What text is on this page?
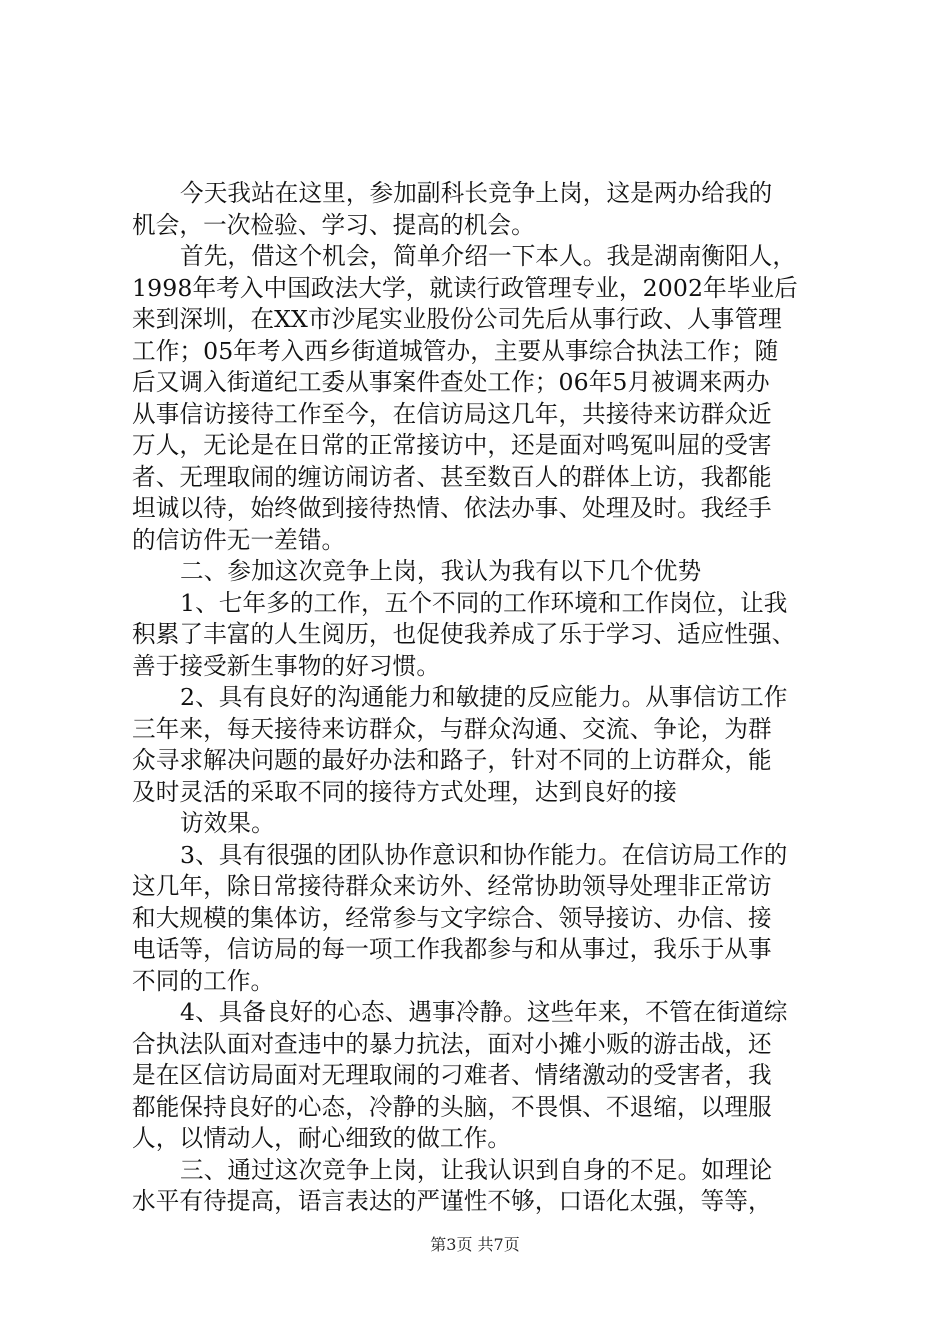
今天我站在这里，参加副科长竞争上岗，这是两办给我的
机会，一次检验、学习、提高的机会。
首先，借这个机会，简单介绍一下本人。我是湖南衡阳人，
1998年考入中国政法大学，就读行政管理专业，2002年毕业后
来到深圳，在XX市沙尾实业股份公司先后从事行政、人事管理
工作；05年考入西乡街道城管办，主要从事综合执法工作；随
后又调入街道纪工委从事案件查处工作；06年5月被调来两办
从事信访接待工作至今，在信访局这几年，共接待来访群众近
万人，无论是在日常的正常接访中，还是面对鸣冤叫屈的受害
者、无理取闹的缠访闹访者、甚至数百人的群体上访，我都能
坦诚以待，始终做到接待热情、依法办事、处理及时。我经手
的信访件无一差错。
二、参加这次竞争上岗，我认为我有以下几个优势
1、七年多的工作，五个不同的工作环境和工作岗位，让我
积累了丰富的人生阅历，也促使我养成了乐于学习、适应性强、
善于接受新生事物的好习惯。
2、具有良好的沟通能力和敏捷的反应能力。从事信访工作
三年来，每天接待来访群众，与群众沟通、交流、争论，为群
众寻求解决问题的最好办法和路子，针对不同的上访群众，能
及时灵活的采取不同的接待方式处理，达到良好的接
访效果。
3、具有很强的团队协作意识和协作能力。在信访局工作的
这几年，除日常接待群众来访外、经常协助领导处理非正常访
和大规模的集体访，经常参与文字综合、领导接访、办信、接
电话等，信访局的每一项工作我都参与和从事过，我乐于从事
不同的工作。
4、具备良好的心态、遇事冷静。这些年来，不管在街道综
合执法队面对查违中的暴力抗法，面对小摊小贩的游击战，还
是在区信访局面对无理取闹的刁难者、情绪激动的受害者，我
都能保持良好的心态，冷静的头脑，不畏惧、不退缩，以理服
人，以情动人，耐心细致的做工作。
三、通过这次竞争上岗，让我认识到自身的不足。如理论
水平有待提高，语言表达的严谨性不够，口语化太强，等等，
第3页 共7页
